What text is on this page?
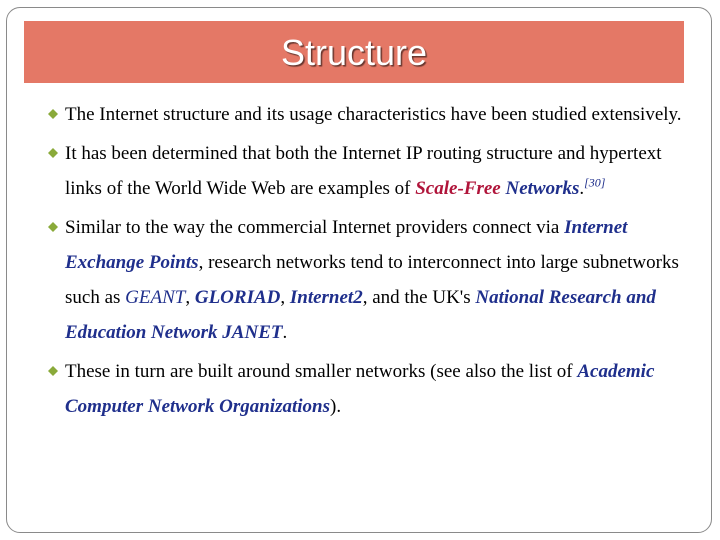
Structure
The Internet structure and its usage characteristics have been studied extensively.
It has been determined that both the Internet IP routing structure and hypertext links of the World Wide Web are examples of Scale-Free Networks.[30]
Similar to the way the commercial Internet providers connect via Internet Exchange Points, research networks tend to interconnect into large subnetworks such as GEANT, GLORIAD, Internet2, and the UK's National Research and Education Network JANET.
These in turn are built around smaller networks (see also the list of Academic Computer Network Organizations).
